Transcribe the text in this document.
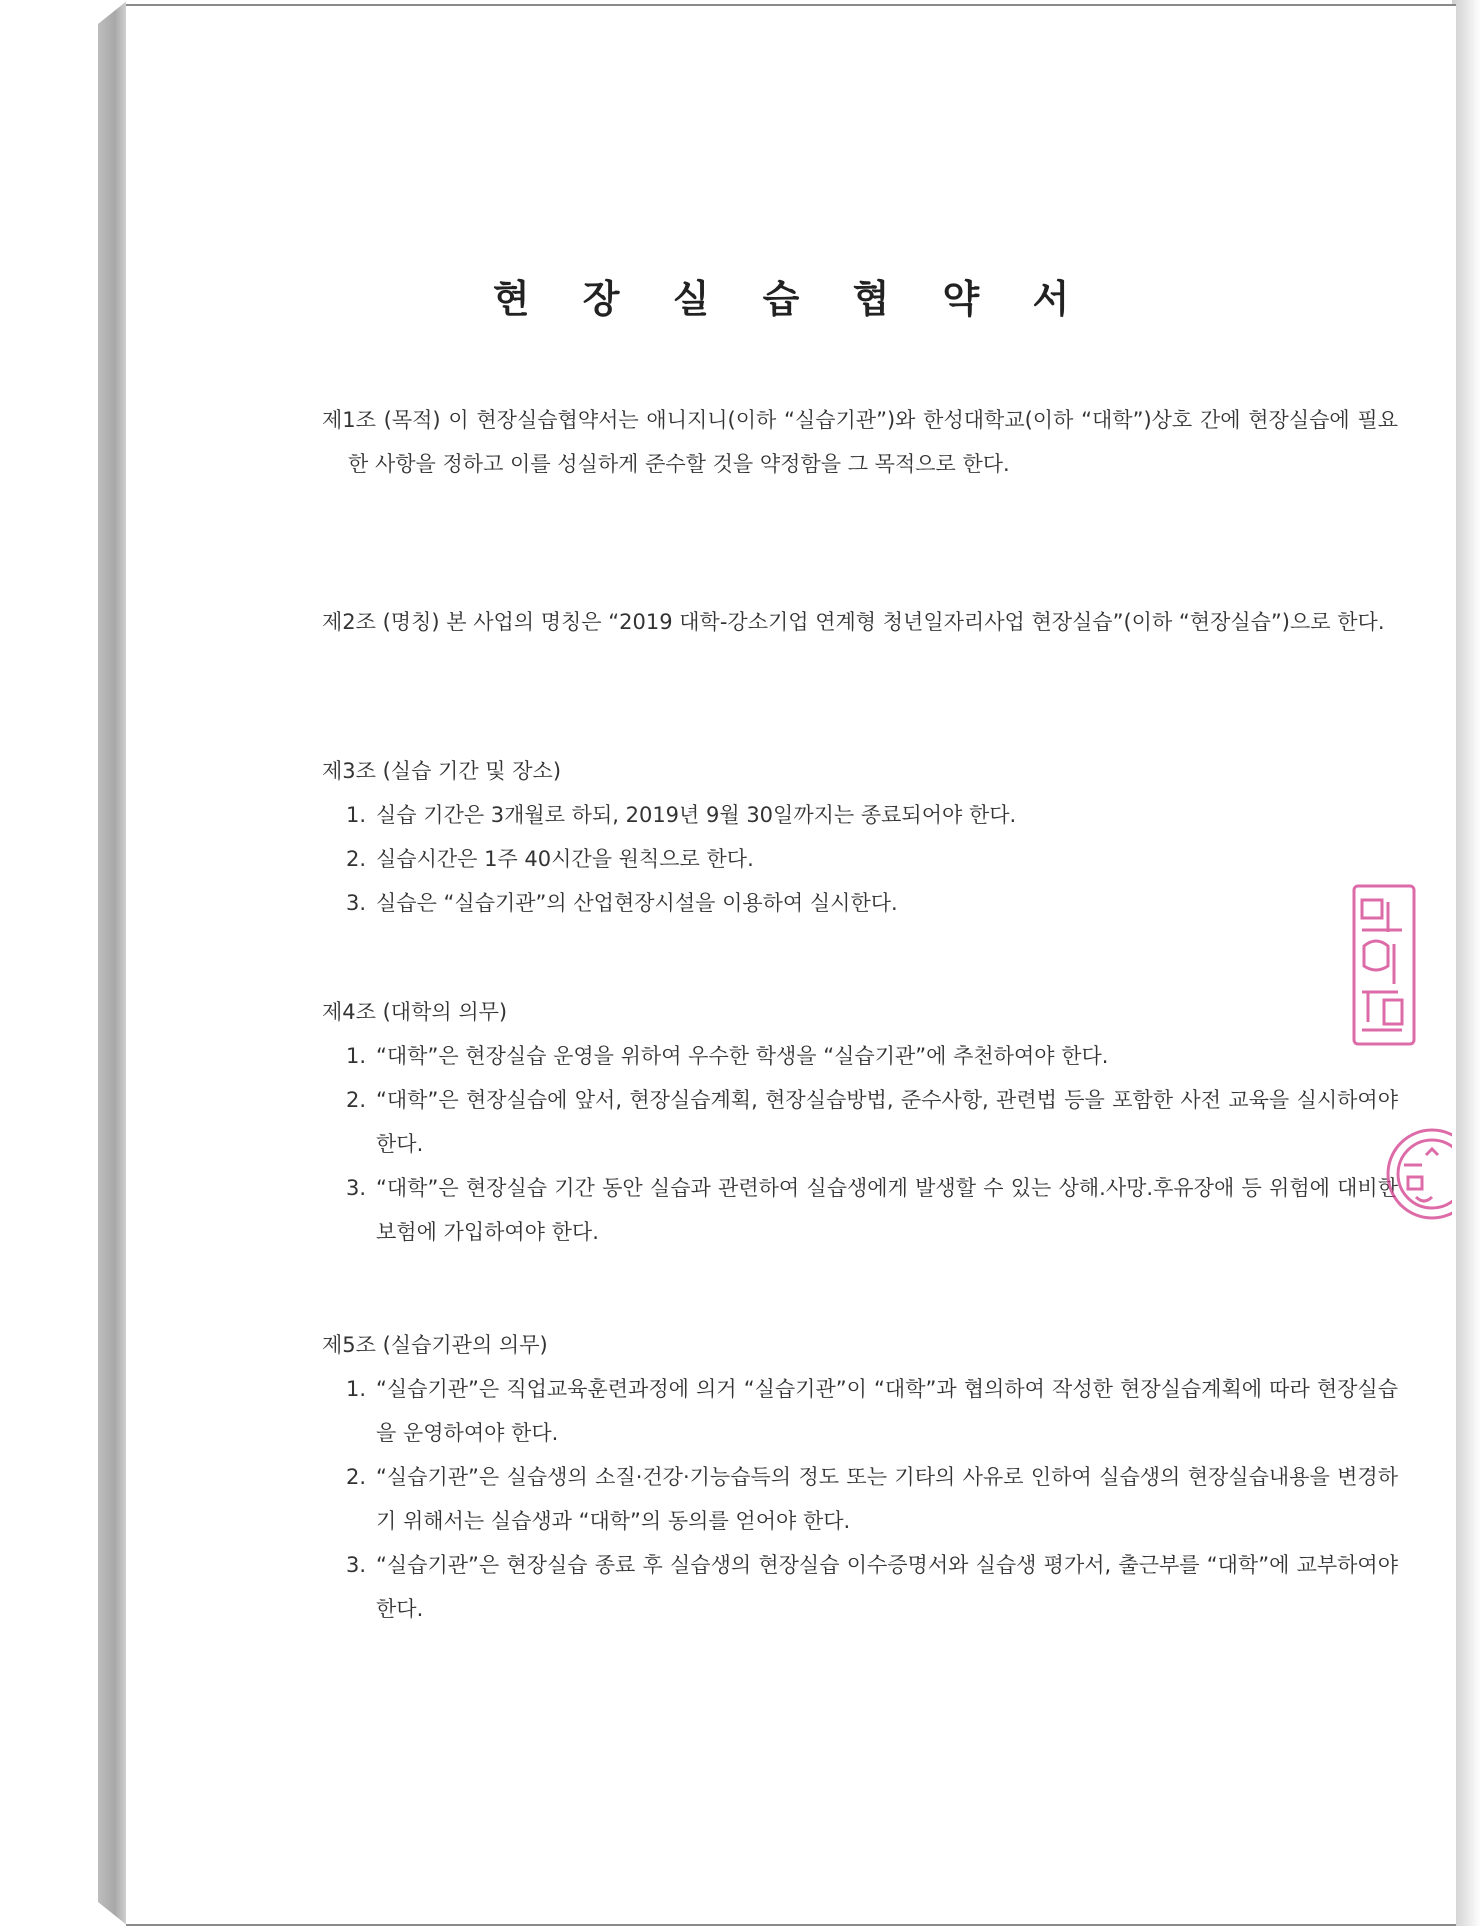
현 장 실 습 협 약 서
제1조 (목적) 이 현장실습협약서는 애니지니(이하 “실습기관”)와 한성대학교(이하 “대학”)상호 간에 현장실습에 필요한 사항을 정하고 이를 성실하게 준수할 것을 약정함을 그 목적으로 한다.
제2조 (명칭) 본 사업의 명칭은 “2019 대학-강소기업 연계형 청년일자리사업 현장실습”(이하 “현장실습”)으로 한다.
제3조 (실습 기간 및 장소)
1. 실습 기간은 3개월로 하되, 2019년 9월 30일까지는 종료되어야 한다.
2. 실습시간은 1주 40시간을 원칙으로 한다.
3. 실습은 “실습기관”의 산업현장시설을 이용하여 실시한다.
제4조 (대학의 의무)
1. “대학”은 현장실습 운영을 위하여 우수한 학생을 “실습기관”에 추천하여야 한다.
2. “대학”은 현장실습에 앞서, 현장실습계획, 현장실습방법, 준수사항, 관련법 등을 포함한 사전 교육을 실시하여야 한다.
3. “대학”은 현장실습 기간 동안 실습과 관련하여 실습생에게 발생할 수 있는 상해.사망.후유장애 등 위험에 대비한 보험에 가입하여야 한다.
제5조 (실습기관의 의무)
1. “실습기관”은 직업교육훈련과정에 의거 “실습기관”이 “대학”과 협의하여 작성한 현장실습계획에 따라 현장실습을 운영하여야 한다.
2. “실습기관”은 실습생의 소질·건강·기능습득의 정도 또는 기타의 사유로 인하여 실습생의 현장실습내용을 변경하기 위해서는 실습생과 “대학”의 동의를 얻어야 한다.
3. “실습기관”은 현장실습 종료 후 실습생의 현장실습 이수증명서와 실습생 평가서, 출근부를 “대학”에 교부하여야 한다.
